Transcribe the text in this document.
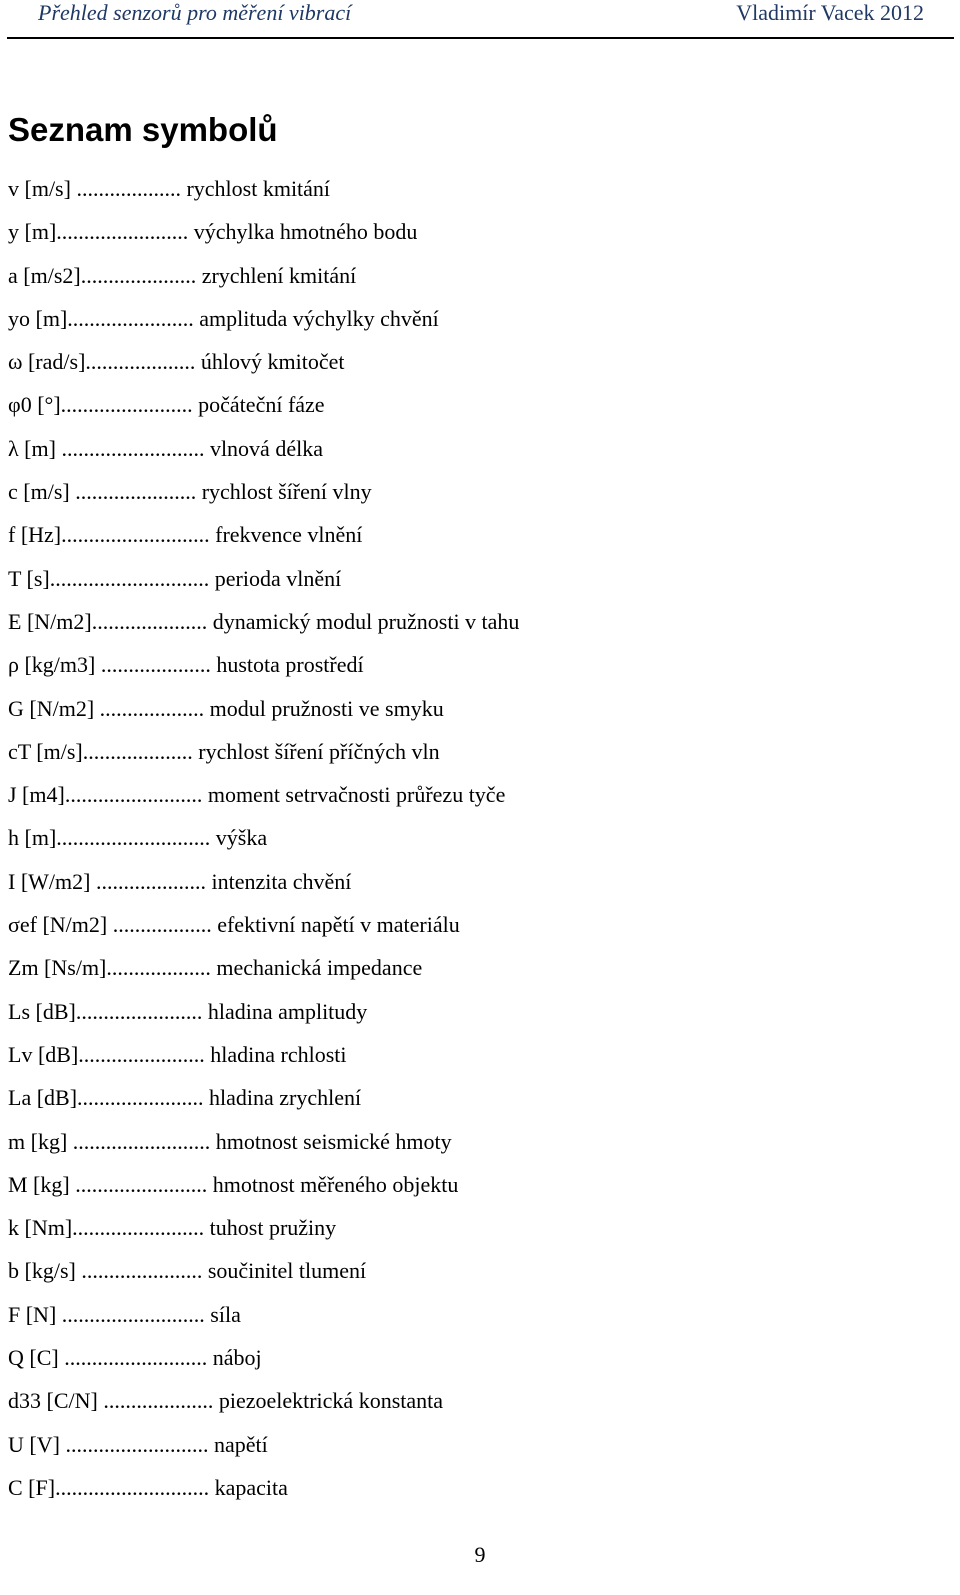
Přehled senzorů pro měření vibrací	Vladimír Vacek 2012
Seznam symbolů
v [m/s] ................... rychlost kmitání
y [m]........................ výchylka hmotného bodu
a [m/s2]..................... zrychlení kmitání
yo [m]....................... amplituda výchylky chvění
ω [rad/s].................... úhlový kmitočet
φ0 [°]........................ počáteční fáze
λ [m] .......................... vlnová délka
c [m/s] ...................... rychlost šíření vlny
f [Hz]........................... frekvence vlnění
T [s]............................. perioda vlnění
E [N/m2]..................... dynamický modul pružnosti v tahu
ρ [kg/m3] .................... hustota prostředí
G [N/m2] ................... modul pružnosti ve smyku
cT [m/s].................... rychlost šíření příčných vln
J [m4]......................... moment setrvačnosti průřezu tyče
h [m]............................ výška
I [W/m2] .................... intenzita chvění
σef [N/m2] .................. efektivní napětí v materiálu
Zm [Ns/m]................... mechanická impedance
Ls [dB]....................... hladina amplitudy
Lv [dB]....................... hladina rchlosti
La [dB]....................... hladina zrychlení
m [kg] ......................... hmotnost seismické hmoty
M [kg] ........................ hmotnost měřeného objektu
k [Nm]........................ tuhost pružiny
b [kg/s] ...................... součinitel tlumení
F [N] .......................... síla
Q [C] .......................... náboj
d33 [C/N] .................... piezoelektrická konstanta
U [V] .......................... napětí
C [F]............................ kapacita
9
